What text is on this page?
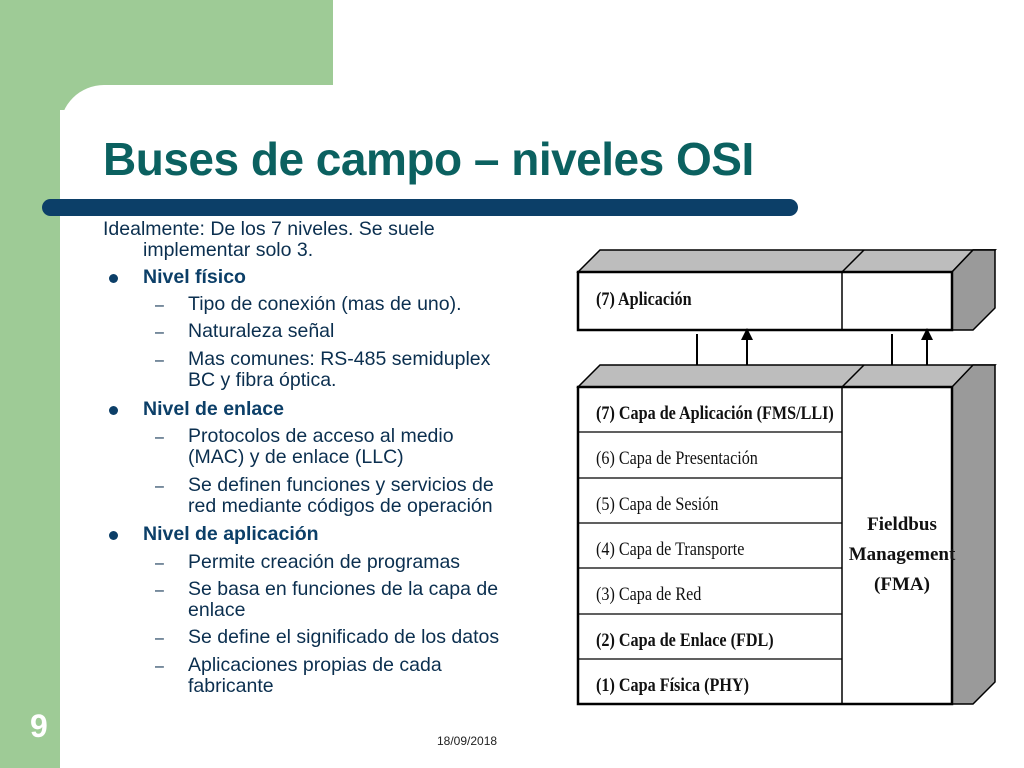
Buses de campo – niveles OSI
Idealmente: De los 7 niveles. Se suele
implementar solo 3.
Nivel físico
– Tipo de conexión (mas de uno).
– Naturaleza señal
– Mas comunes: RS-485 semiduplex
BC y fibra óptica.
Nivel de enlace
– Protocolos de acceso al medio
(MAC) y de enlace (LLC)
– Se definen funciones y servicios de
red mediante códigos de operación
Nivel de aplicación
– Permite creación de programas
– Se basa en funciones de la capa de
enlace
– Se define el significado de los datos
– Aplicaciones propias de cada
fabricante
(7) Aplicación
(7) Capa de Aplicación (FMS/LLI)
(6) Capa de Presentación
(5) Capa de Sesión
(4) Capa de Transporte
(3) Capa de Red
(2) Capa de Enlace (FDL)
(1) Capa Física (PHY)
Fieldbus
Management
(FMA)
9	18/09/2018
